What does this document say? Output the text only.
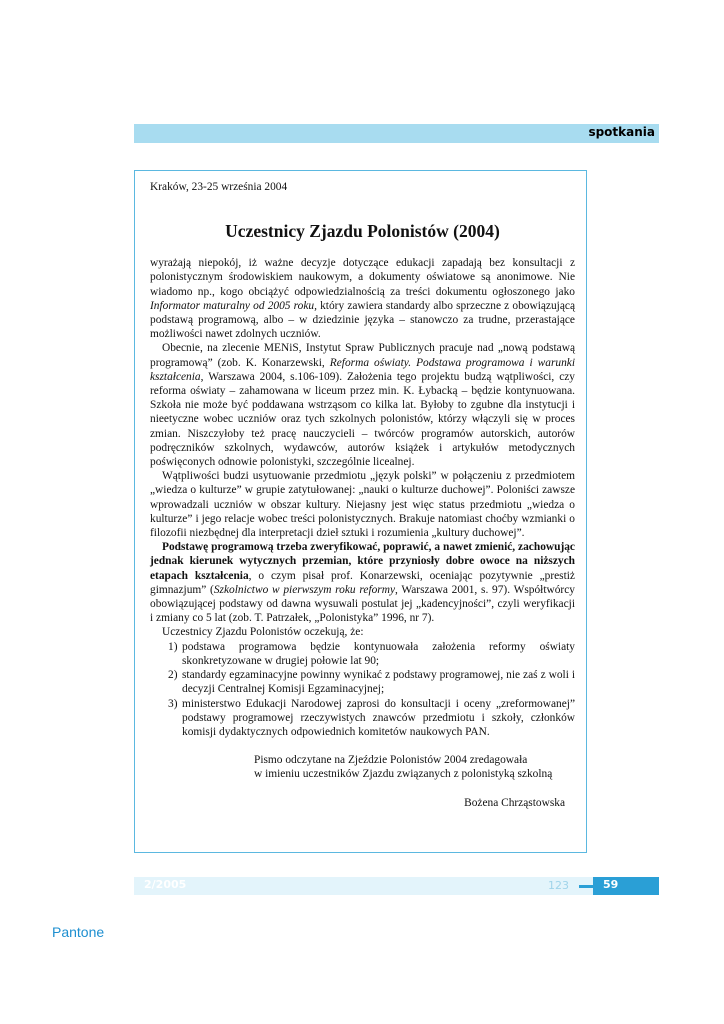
spotkania
Kraków, 23-25 września 2004
Uczestnicy Zjazdu Polonistów (2004)

wyrażają niepokój, iż ważne decyzje dotyczące edukacji zapadają bez konsultacji z polonistycznym środowiskiem naukowym, a dokumenty oświatowe są anonimowe. Nie wiadomo np., kogo obciążyć odpowiedzialnością za treści dokumentu ogłoszonego jako Informator maturalny od 2005 roku, który zawiera standardy albo sprzeczne z obowiązującą podstawą programową, albo – w dziedzinie języka – stanowczo za trudne, przerastające możliwości nawet zdolnych uczniów.

Obecnie, na zlecenie MENiS, Instytut Spraw Publicznych pracuje nad „nową podstawą programową” (zob. K. Konarzewski, Reforma oświaty. Podstawa programowa i warunki kształcenia, Warszawa 2004, s.106-109). Założenia tego projektu budzą wątpliwości, czy reforma oświaty – zahamowana w liceum przez min. K. Łybacką – będzie kontynuowana. Szkoła nie może być poddawana wstrząsom co kilka lat. Byłoby to zgubne dla instytucji i nieetyczne wobec uczniów oraz tych szkolnych polonistów, którzy włączyli się w proces zmian. Niszczyłoby też pracę nauczycieli – twórców programów autorskich, autorów podręczników szkolnych, wydawców, autorów książek i artykułów metodycznych poświęconych odnowie polonistyki, szczególnie licealnej.

Wątpliwości budzi usytuowanie przedmiotu „język polski” w połączeniu z przedmiotem „wiedza o kulturze” w grupie zatytułowanej: „nauki o kulturze duchowej”. Poloniści zawsze wprowadzali uczniów w obszar kultury. Niejasny jest więc status przedmiotu „wiedza o kulturze” i jego relacje wobec treści polonistycznych. Brakuje natomiast choćby wzmianki o filozofii niezbędnej dla interpretacji dzieł sztuki i rozumienia „kultury duchowej”.

Podstawę programową trzeba zweryfikować, poprawić, a nawet zmienić, zachowując jednak kierunek wytycznych przemian, które przyniosły dobre owoce na niższych etapach kształcenia, o czym pisał prof. Konarzewski, oceniając pozytywnie „prestiż gimnazjum” (Szkolnictwo w pierwszym roku reformy, Warszawa 2001, s. 97). Współtwórcy obowiązującej podstawy od dawna wysuwali postulat jej „kadencyjności”, czyli weryfikacji i zmiany co 5 lat (zob. T. Patrzałek, „Polonistyka” 1996, nr 7).

Uczestnicy Zjazdu Polonistów oczekują, że:

1) podstawa programowa będzie kontynuowała założenia reformy oświaty skonkretyzowane w drugiej połowie lat 90;
2) standardy egzaminacyjne powinny wynikać z podstawy programowej, nie zaś z woli i decyzji Centralnej Komisji Egzaminacyjnej;
3) ministerstwo Edukacji Narodowej zaprosi do konsultacji i oceny „zreformowanej” podstawy programowej rzeczywistych znawców przedmiotu i szkoły, członków komisji dydaktycznych odpowiednich komitetów naukowych PAN.

Pismo odczytane na Zjeździe Polonistów 2004 zredagowała

w imieniu uczestników Zjazdu związanych z polonistyką szkolną

Bożena Chrząstowska
2/2005	123	59
Pantone
